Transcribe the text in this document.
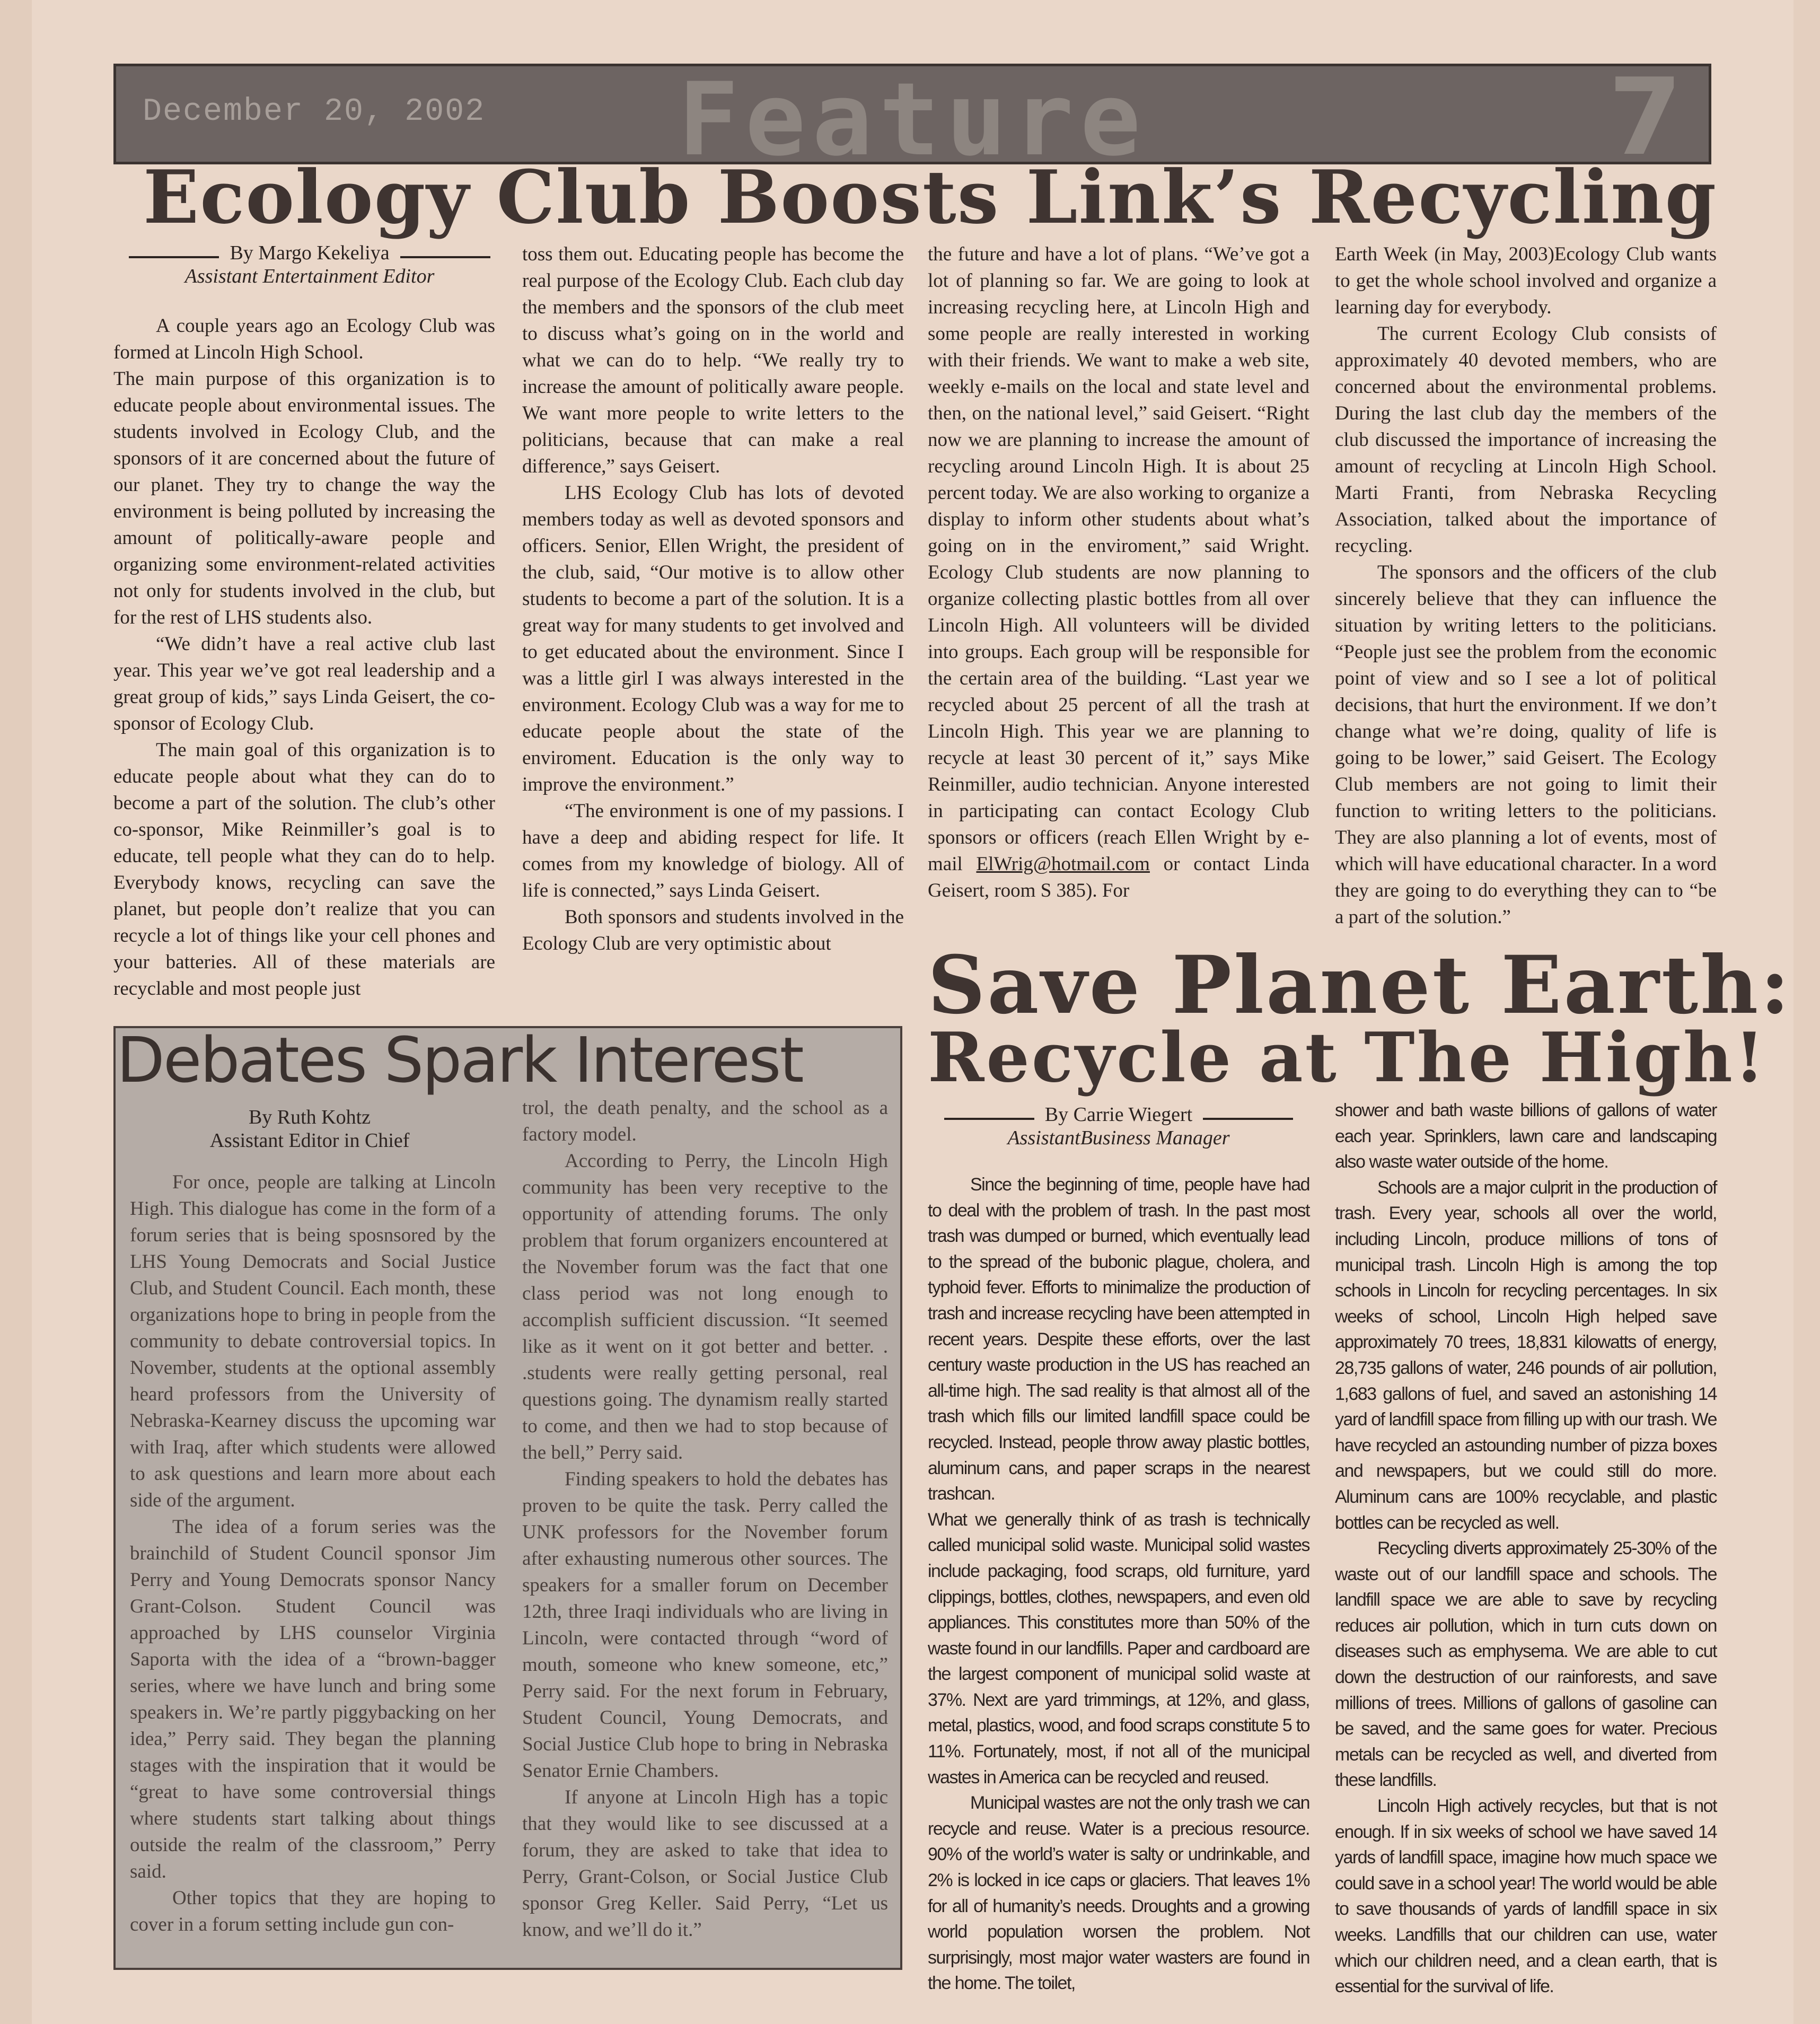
December 20, 2002 Feature	7
Ecology Club Boosts Link’s Recycling
By Margo Kekeliya
Assistant Entertainment Editor

A couple years ago an Ecology Club was formed at Lincoln High School.

The main purpose of this organization is to educate people about environmental issues. The students involved in Ecology Club, and the sponsors of it are concerned about the future of our planet. They try to change the way the environment is being polluted by increasing the amount of politically-aware people and organizing some environment-related activities not only for students involved in the club, but for the rest of LHS students also.

“We didn’t have a real active club last year. This year we’ve got real leadership and a great group of kids,” says Linda Geisert, the co-sponsor of Ecology Club.

The main goal of this organization is to educate people about what they can do to become a part of the solution. The club’s other co-sponsor, Mike Reinmiller’s goal is to educate, tell people what they can do to help. Everybody knows, recycling can save the planet, but people don’t realize that you can recycle a lot of things like your cell phones and your batteries. All of these materials are recyclable and most people just

toss them out. Educating people has become the real purpose of the Ecology Club. Each club day the members and the sponsors of the club meet to discuss what’s going on in the world and what we can do to help. “We really try to increase the amount of politically aware people. We want more people to write letters to the politicians, because that can make a real difference,” says Geisert.

LHS Ecology Club has lots of devoted members today as well as devoted sponsors and officers. Senior, Ellen Wright, the president of the club, said, “Our motive is to allow other students to become a part of the solution. It is a great way for many students to get involved and to get educated about the environment. Since I was a little girl I was always interested in the environment. Ecology Club was a way for me to educate people about the state of the enviroment. Education is the only way to improve the environment.”

“The environment is one of my passions. I have a deep and abiding respect for life. It comes from my knowledge of biology. All of life is connected,” says Linda Geisert.

Both sponsors and students involved in the Ecology Club are very optimistic about

the future and have a lot of plans. “We’ve got a lot of planning so far. We are going to look at increasing recycling here, at Lincoln High and some people are really interested in working with their friends. We want to make a web site, weekly e-mails on the local and state level and then, on the national level,” said Geisert. “Right now we are planning to increase the amount of recycling around Lincoln High. It is about 25 percent today. We are also working to organize a display to inform other students about what’s going on in the enviroment,” said Wright. Ecology Club students are now planning to organize collecting plastic bottles from all over Lincoln High. All volunteers will be divided into groups. Each group will be responsible for the certain area of the building. “Last year we recycled about 25 percent of all the trash at Lincoln High. This year we are planning to recycle at least 30 percent of it,” says Mike Reinmiller, audio technician. Anyone interested in participating can contact Ecology Club sponsors or officers (reach Ellen Wright by e-mail ElWrig@hotmail.com or contact Linda Geisert, room S 385). For

Earth Week (in May, 2003)Ecology Club wants to get the whole school involved and organize a learning day for everybody.

The current Ecology Club consists of approximately 40 devoted members, who are concerned about the environmental problems. During the last club day the members of the club discussed the importance of increasing the amount of recycling at Lincoln High School. Marti Franti, from Nebraska Recycling Association, talked about the importance of recycling.

The sponsors and the officers of the club sincerely believe that they can influence the situation by writing letters to the politicians. “People just see the problem from the economic point of view and so I see a lot of political decisions, that hurt the environment. If we don’t change what we’re doing, quality of life is going to be lower,” said Geisert. The Ecology Club members are not going to limit their function to writing letters to the politicians. They are also planning a lot of events, most of which will have educational character. In a word they are going to do everything they can to “be a part of the solution.”

Debates Spark Interest
By Ruth Kohtz
Assistant Editor in Chief

For once, people are talking at Lincoln High. This dialogue has come in the form of a forum series that is being sposnsored by the LHS Young Democrats and Social Justice Club, and Student Council. Each month, these organizations hope to bring in people from the community to debate controversial topics. In November, students at the optional assembly heard professors from the University of Nebraska-Kearney discuss the upcoming war with Iraq, after which students were allowed to ask questions and learn more about each side of the argument.

The idea of a forum series was the brainchild of Student Council sponsor Jim Perry and Young Democrats sponsor Nancy Grant-Colson. Student Council was approached by LHS counselor Virginia Saporta with the idea of a “brown-bagger series, where we have lunch and bring some speakers in. We’re partly piggybacking on her idea,” Perry said. They began the planning stages with the inspiration that it would be “great to have some controversial things where students start talking about things outside the realm of the classroom,” Perry said.

Other topics that they are hoping to cover in a forum setting include gun con-

trol, the death penalty, and the school as a factory model.

According to Perry, the Lincoln High community has been very receptive to the opportunity of attending forums. The only problem that forum organizers encountered at the November forum was the fact that one class period was not long enough to accomplish sufficient discussion. “It seemed like as it went on it got better and better. . .students were really getting personal, real questions going. The dynamism really started to come, and then we had to stop because of the bell,” Perry said.

Finding speakers to hold the debates has proven to be quite the task. Perry called the UNK professors for the November forum after exhausting numerous other sources. The speakers for a smaller forum on December 12th, three Iraqi individuals who are living in Lincoln, were contacted through “word of mouth, someone who knew someone, etc,” Perry said. For the next forum in February, Student Council, Young Democrats, and Social Justice Club hope to bring in Nebraska Senator Ernie Chambers.

If anyone at Lincoln High has a topic that they would like to see discussed at a forum, they are asked to take that idea to Perry, Grant-Colson, or Social Justice Club sponsor Greg Keller. Said Perry, “Let us know, and we’ll do it.”

Save Planet Earth:
Recycle at The High!
By Carrie Wiegert
AssistantBusiness Manager

Since the beginning of time, people have had to deal with the problem of trash. In the past most trash was dumped or burned, which eventually lead to the spread of the bubonic plague, cholera, and typhoid fever. Efforts to minimalize the production of trash and increase recycling have been attempted in recent years. Despite these efforts, over the last century waste production in the US has reached an all-time high. The sad reality is that almost all of the trash which fills our limited landfill space could be recycled. Instead, people throw away plastic bottles, aluminum cans, and paper scraps in the nearest trashcan.

What we generally think of as trash is technically called municipal solid waste. Municipal solid wastes include packaging, food scraps, old furniture, yard clippings, bottles, clothes, newspapers, and even old appliances. This constitutes more than 50% of the waste found in our landfills. Paper and cardboard are the largest component of municipal solid waste at 37%. Next are yard trimmings, at 12%, and glass, metal, plastics, wood, and food scraps constitute 5 to 11%. Fortunately, most, if not all of the municipal wastes in America can be recycled and reused.

Municipal wastes are not the only trash we can recycle and reuse. Water is a precious resource. 90% of the world’s water is salty or undrinkable, and 2% is locked in ice caps or glaciers. That leaves 1% for all of humanity’s needs. Droughts and a growing world population worsen the problem. Not surprisingly, most major water wasters are found in the home. The toilet,

shower and bath waste billions of gallons of water each year. Sprinklers, lawn care and landscaping also waste water outside of the home.

Schools are a major culprit in the production of trash. Every year, schools all over the world, including Lincoln, produce millions of tons of municipal trash. Lincoln High is among the top schools in Lincoln for recycling percentages. In six weeks of school, Lincoln High helped save approximately 70 trees, 18,831 kilowatts of energy, 28,735 gallons of water, 246 pounds of air pollution, 1,683 gallons of fuel, and saved an astonishing 14 yard of landfill space from filling up with our trash. We have recycled an astounding number of pizza boxes and newspapers, but we could still do more. Aluminum cans are 100% recyclable, and plastic bottles can be recycled as well.

Recycling diverts approximately 25-30% of the waste out of our landfill space and schools. The landfill space we are able to save by recycling reduces air pollution, which in turn cuts down on diseases such as emphysema. We are able to cut down the destruction of our rainforests, and save millions of trees. Millions of gallons of gasoline can be saved, and the same goes for water. Precious metals can be recycled as well, and diverted from these landfills.

Lincoln High actively recycles, but that is not enough. If in six weeks of school we have saved 14 yards of landfill space, imagine how much space we could save in a school year! The world would be able to save thousands of yards of landfill space in six weeks. Landfills that our children can use, water which our children need, and a clean earth, that is essential for the survival of life.
